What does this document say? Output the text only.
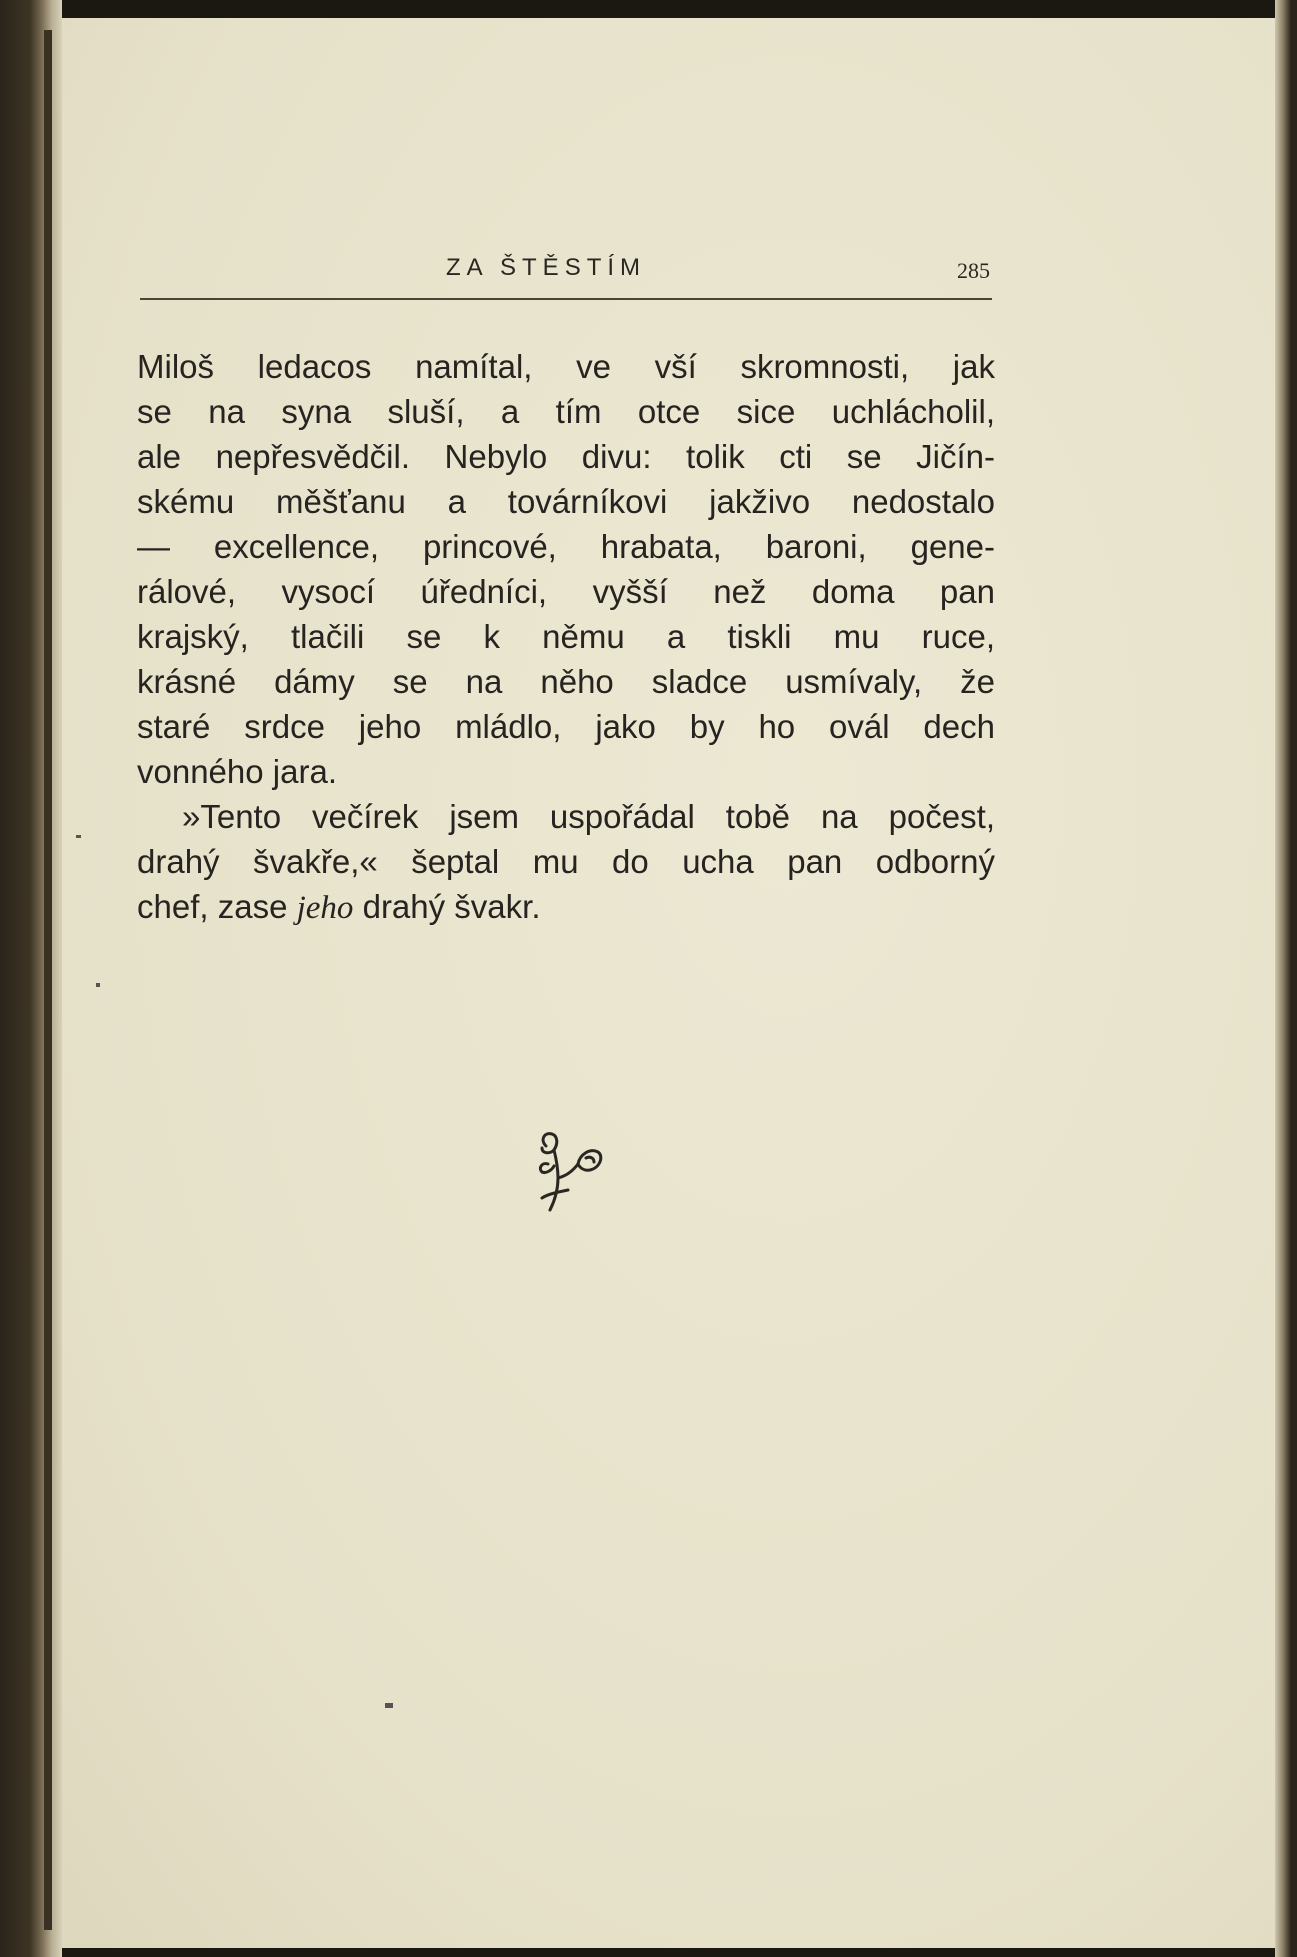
ZA ŠTĚSTÍM	285
Miloš ledacos namítal, ve vší skromnosti, jak
se na syna sluší, a tím otce sice uchlácholil,
ale nepřesvědčil. Nebylo divu: tolik cti se Jičín-
skému měšťanu a továrníkovi jakživo nedostalo
— excellence, princové, hrabata, baroni, gene-
rálové, vysocí úředníci, vyšší než doma pan
krajský, tlačili se k němu a tiskli mu ruce,
krásné dámy se na něho sladce usmívaly, že
staré srdce jeho mládlo, jako by ho ovál dech
vonného jara.
»Tento večírek jsem uspořádal tobě na počest,
drahý švakře,« šeptal mu do ucha pan odborný
chef, zase jeho drahý švakr.
